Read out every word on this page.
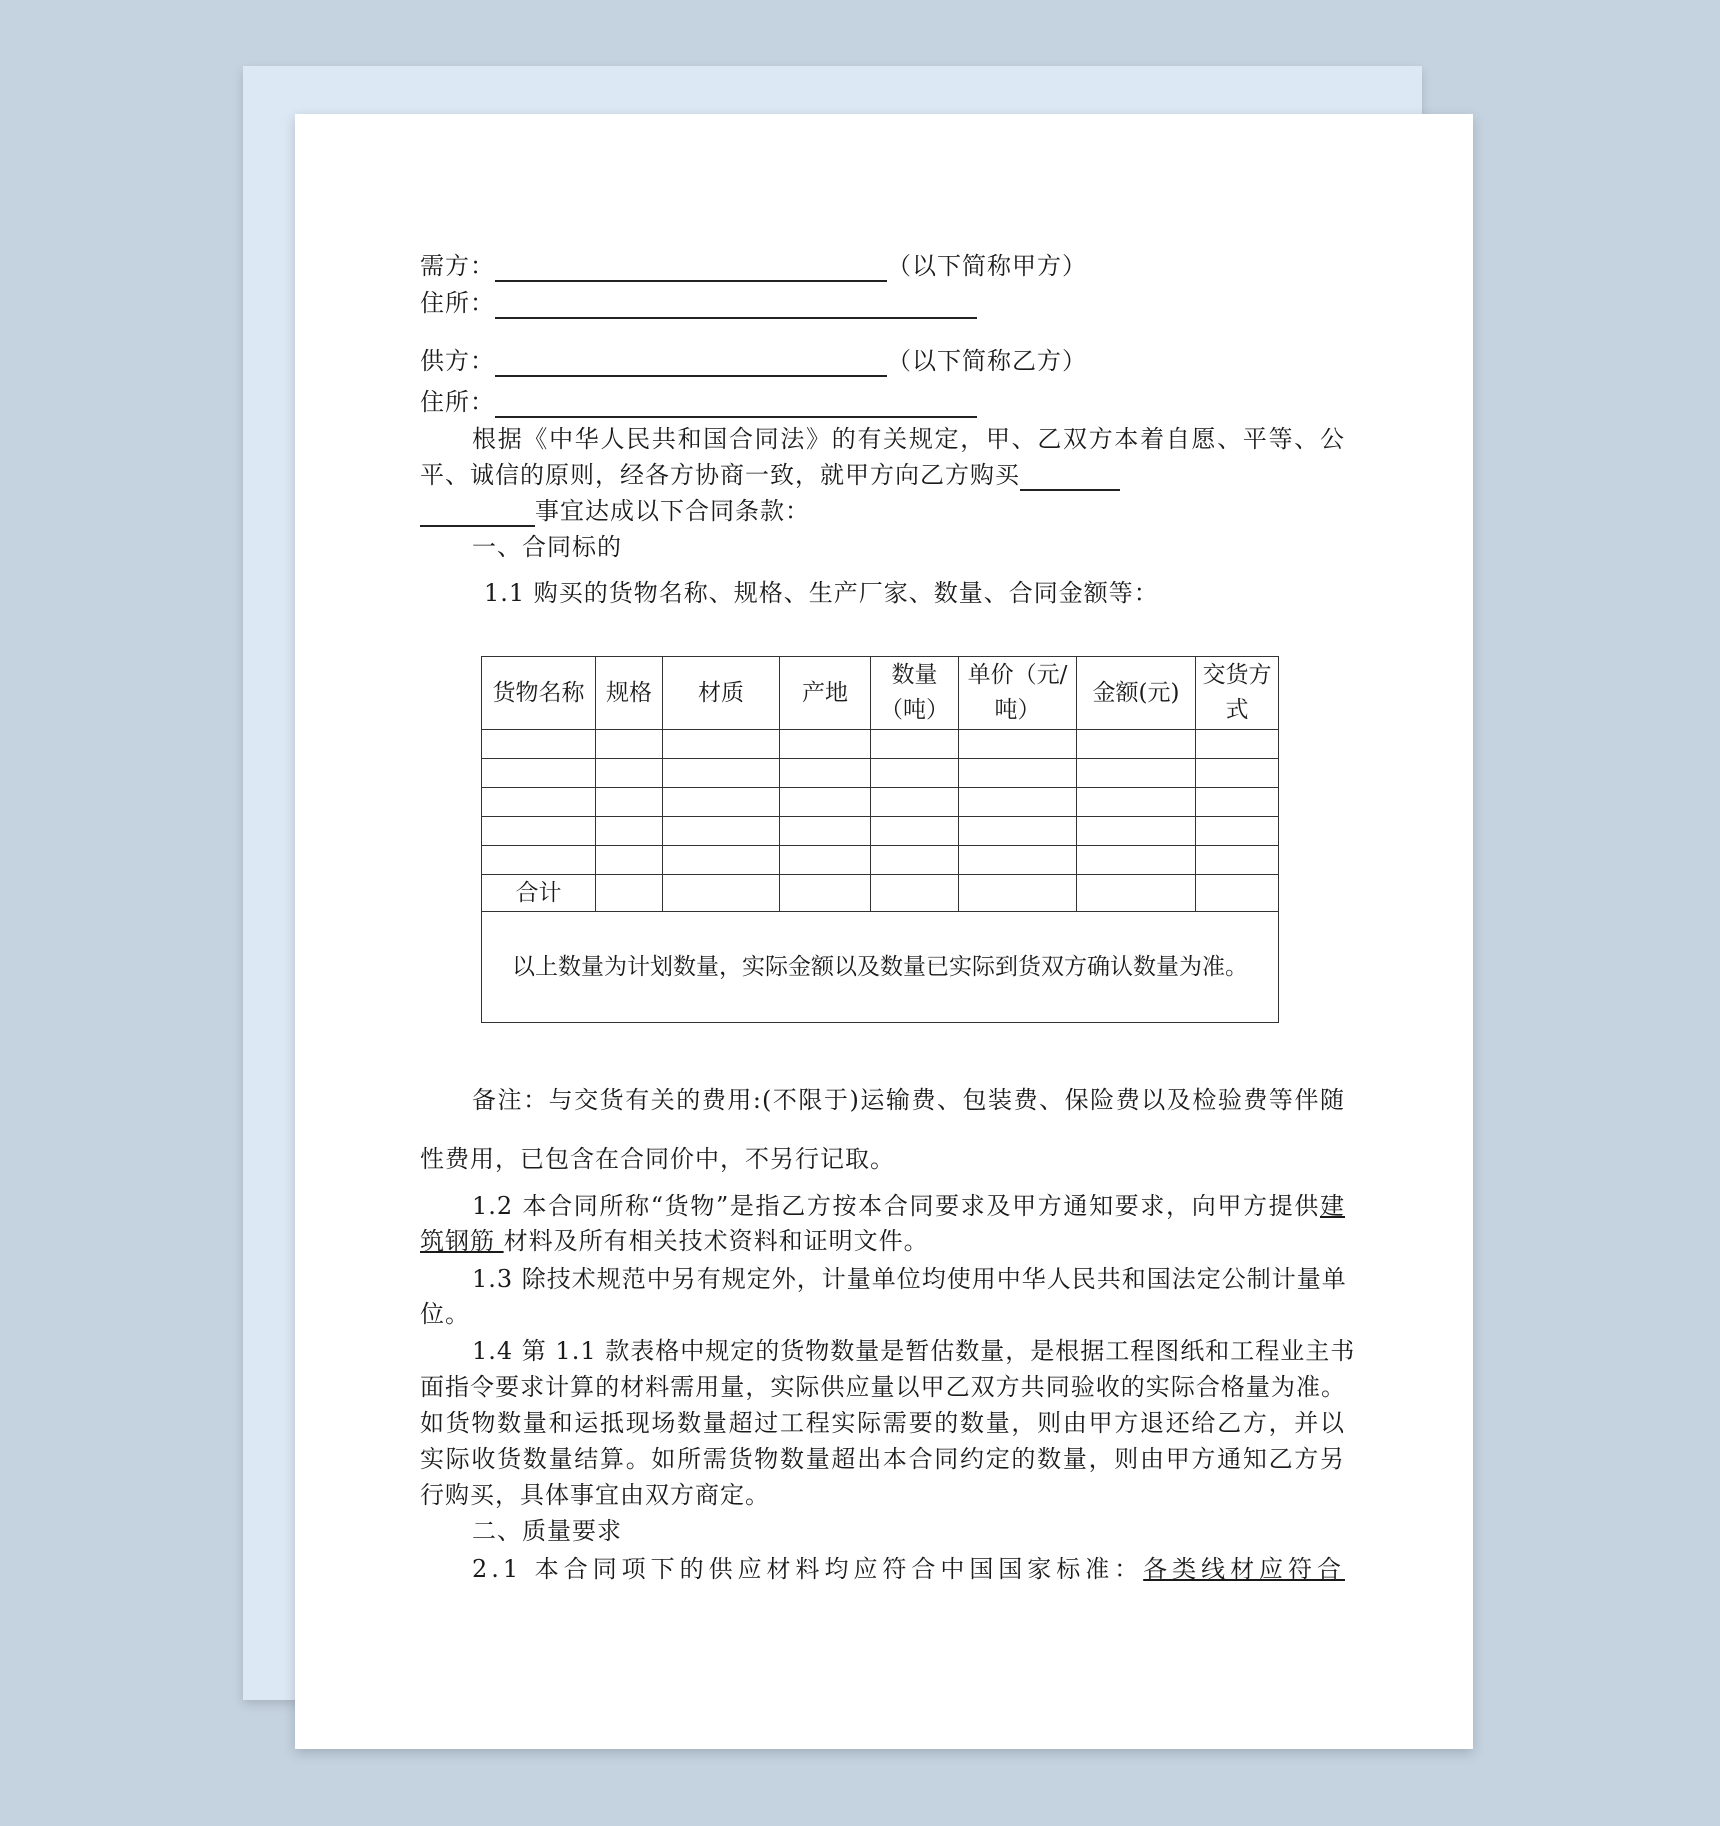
需方：	（以下简称甲方）
住所：
供方：	（以下简称乙方）
住所：
根据《中华人民共和国合同法》的有关规定，甲、乙双方本着自愿、平等、公
平、诚信的原则，经各方协商一致，就甲方向乙方购买
事宜达成以下合同条款：
一、合同标的
1.1 购买的货物名称、规格、生产厂家、数量、合同金额等：
货物名称	规格	材质	产地	数量（吨）	单价（元/吨）	金额(元)	交货方式

合计							
以上数量为计划数量，实际金额以及数量已实际到货双方确认数量为准。							
备注：与交货有关的费用:(不限于)运输费、包装费、保险费以及检验费等伴随
性费用，已包含在合同价中，不另行记取。
1.2 本合同所称“货物”是指乙方按本合同要求及甲方通知要求，向甲方提供建
筑钢筋 材料及所有相关技术资料和证明文件。
1.3 除技术规范中另有规定外，计量单位均使用中华人民共和国法定公制计量单
位。
1.4 第 1.1 款表格中规定的货物数量是暂估数量，是根据工程图纸和工程业主书
面指令要求计算的材料需用量，实际供应量以甲乙双方共同验收的实际合格量为准。
如货物数量和运抵现场数量超过工程实际需要的数量，则由甲方退还给乙方，并以
实际收货数量结算。如所需货物数量超出本合同约定的数量，则由甲方通知乙方另
行购买，具体事宜由双方商定。
二、质量要求
2.1 本合同项下的供应材料均应符合中国国家标准：各类线材应符合
